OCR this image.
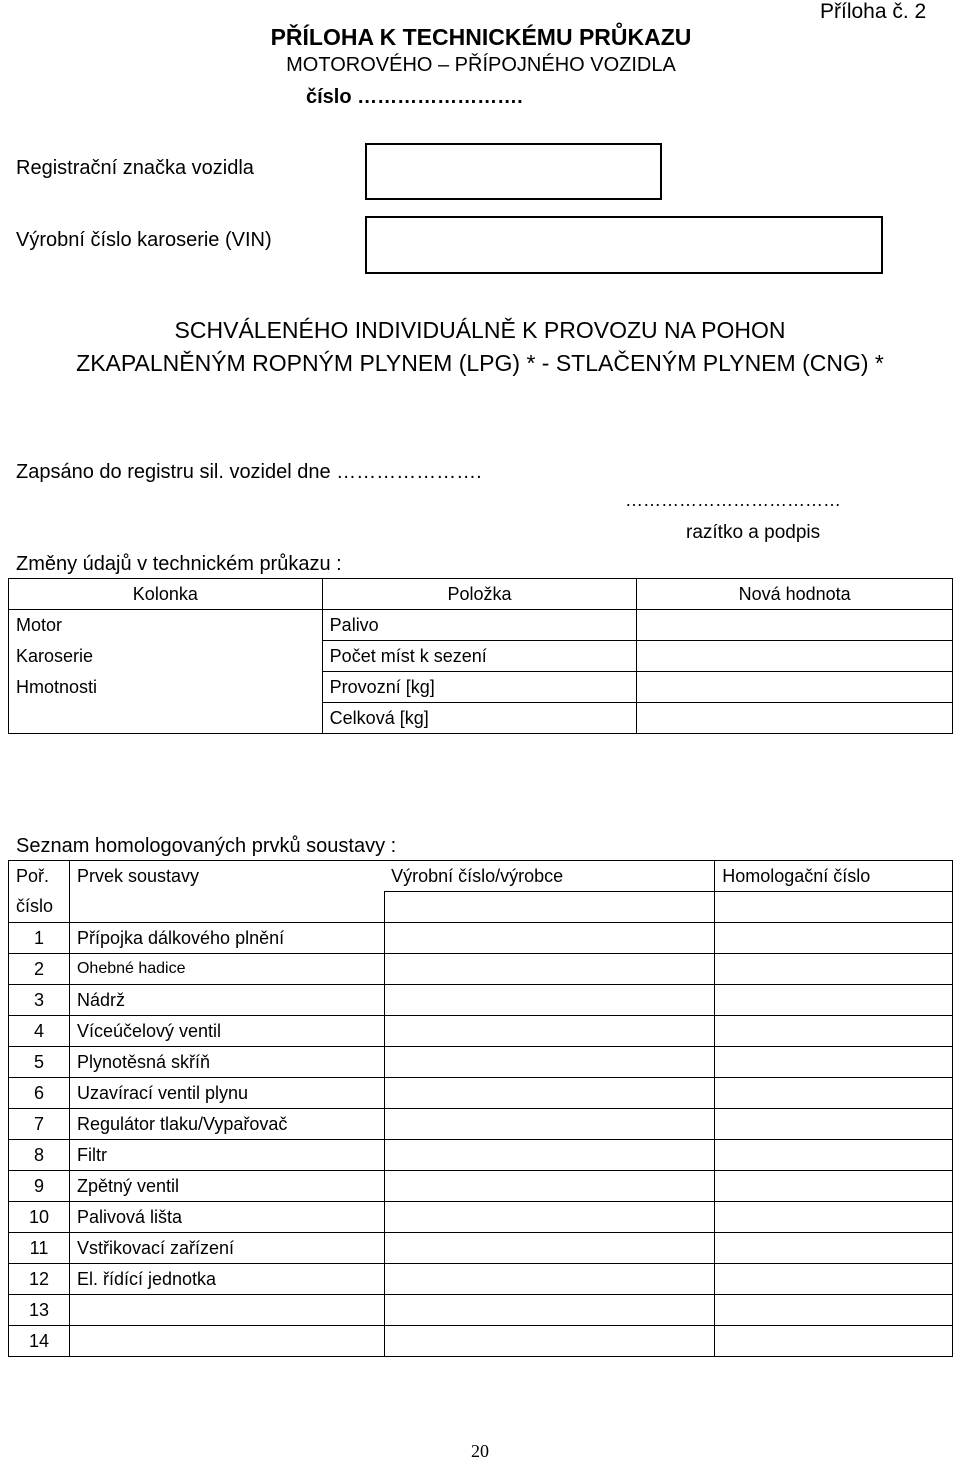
Příloha č. 2
PŘÍLOHA K TECHNICKÉMU PRŮKAZU
MOTOROVÉHO – PŘÍPOJNÉHO VOZIDLA
číslo …………………….
Registrační značka vozidla
Výrobní číslo karoserie (VIN)
SCHVÁLENÉHO INDIVIDUÁLNĚ K PROVOZU NA POHON
ZKAPALNĚNÝM ROPNÝM PLYNEM (LPG) * - STLAČENÝM PLYNEM (CNG) *
Zapsáno do registru sil. vozidel dne ………………….
………………………………
razítko a podpis
Změny údajů v technickém průkazu :
Kolonka	Položka	Nová hodnota
Motor	Palivo	
Karoserie	Počet míst k sezení	
Hmotnosti	Provozní [kg]	
	Celková [kg]	
Seznam homologovaných prvků soustavy :
Poř.	Prvek soustavy	Výrobní číslo/výrobce	Homologační číslo
číslo			
1	Přípojka dálkového plnění		
2	Ohebné hadice		
3	Nádrž		
4	Víceúčelový ventil		
5	Plynotěsná skříň		
6	Uzavírací ventil plynu		
7	Regulátor tlaku/Vypařovač		
8	Filtr		
9	Zpětný ventil		
10	Palivová lišta		
11	Vstřikovací zařízení		
12	El. řídící jednotka		
13			
14			
20
